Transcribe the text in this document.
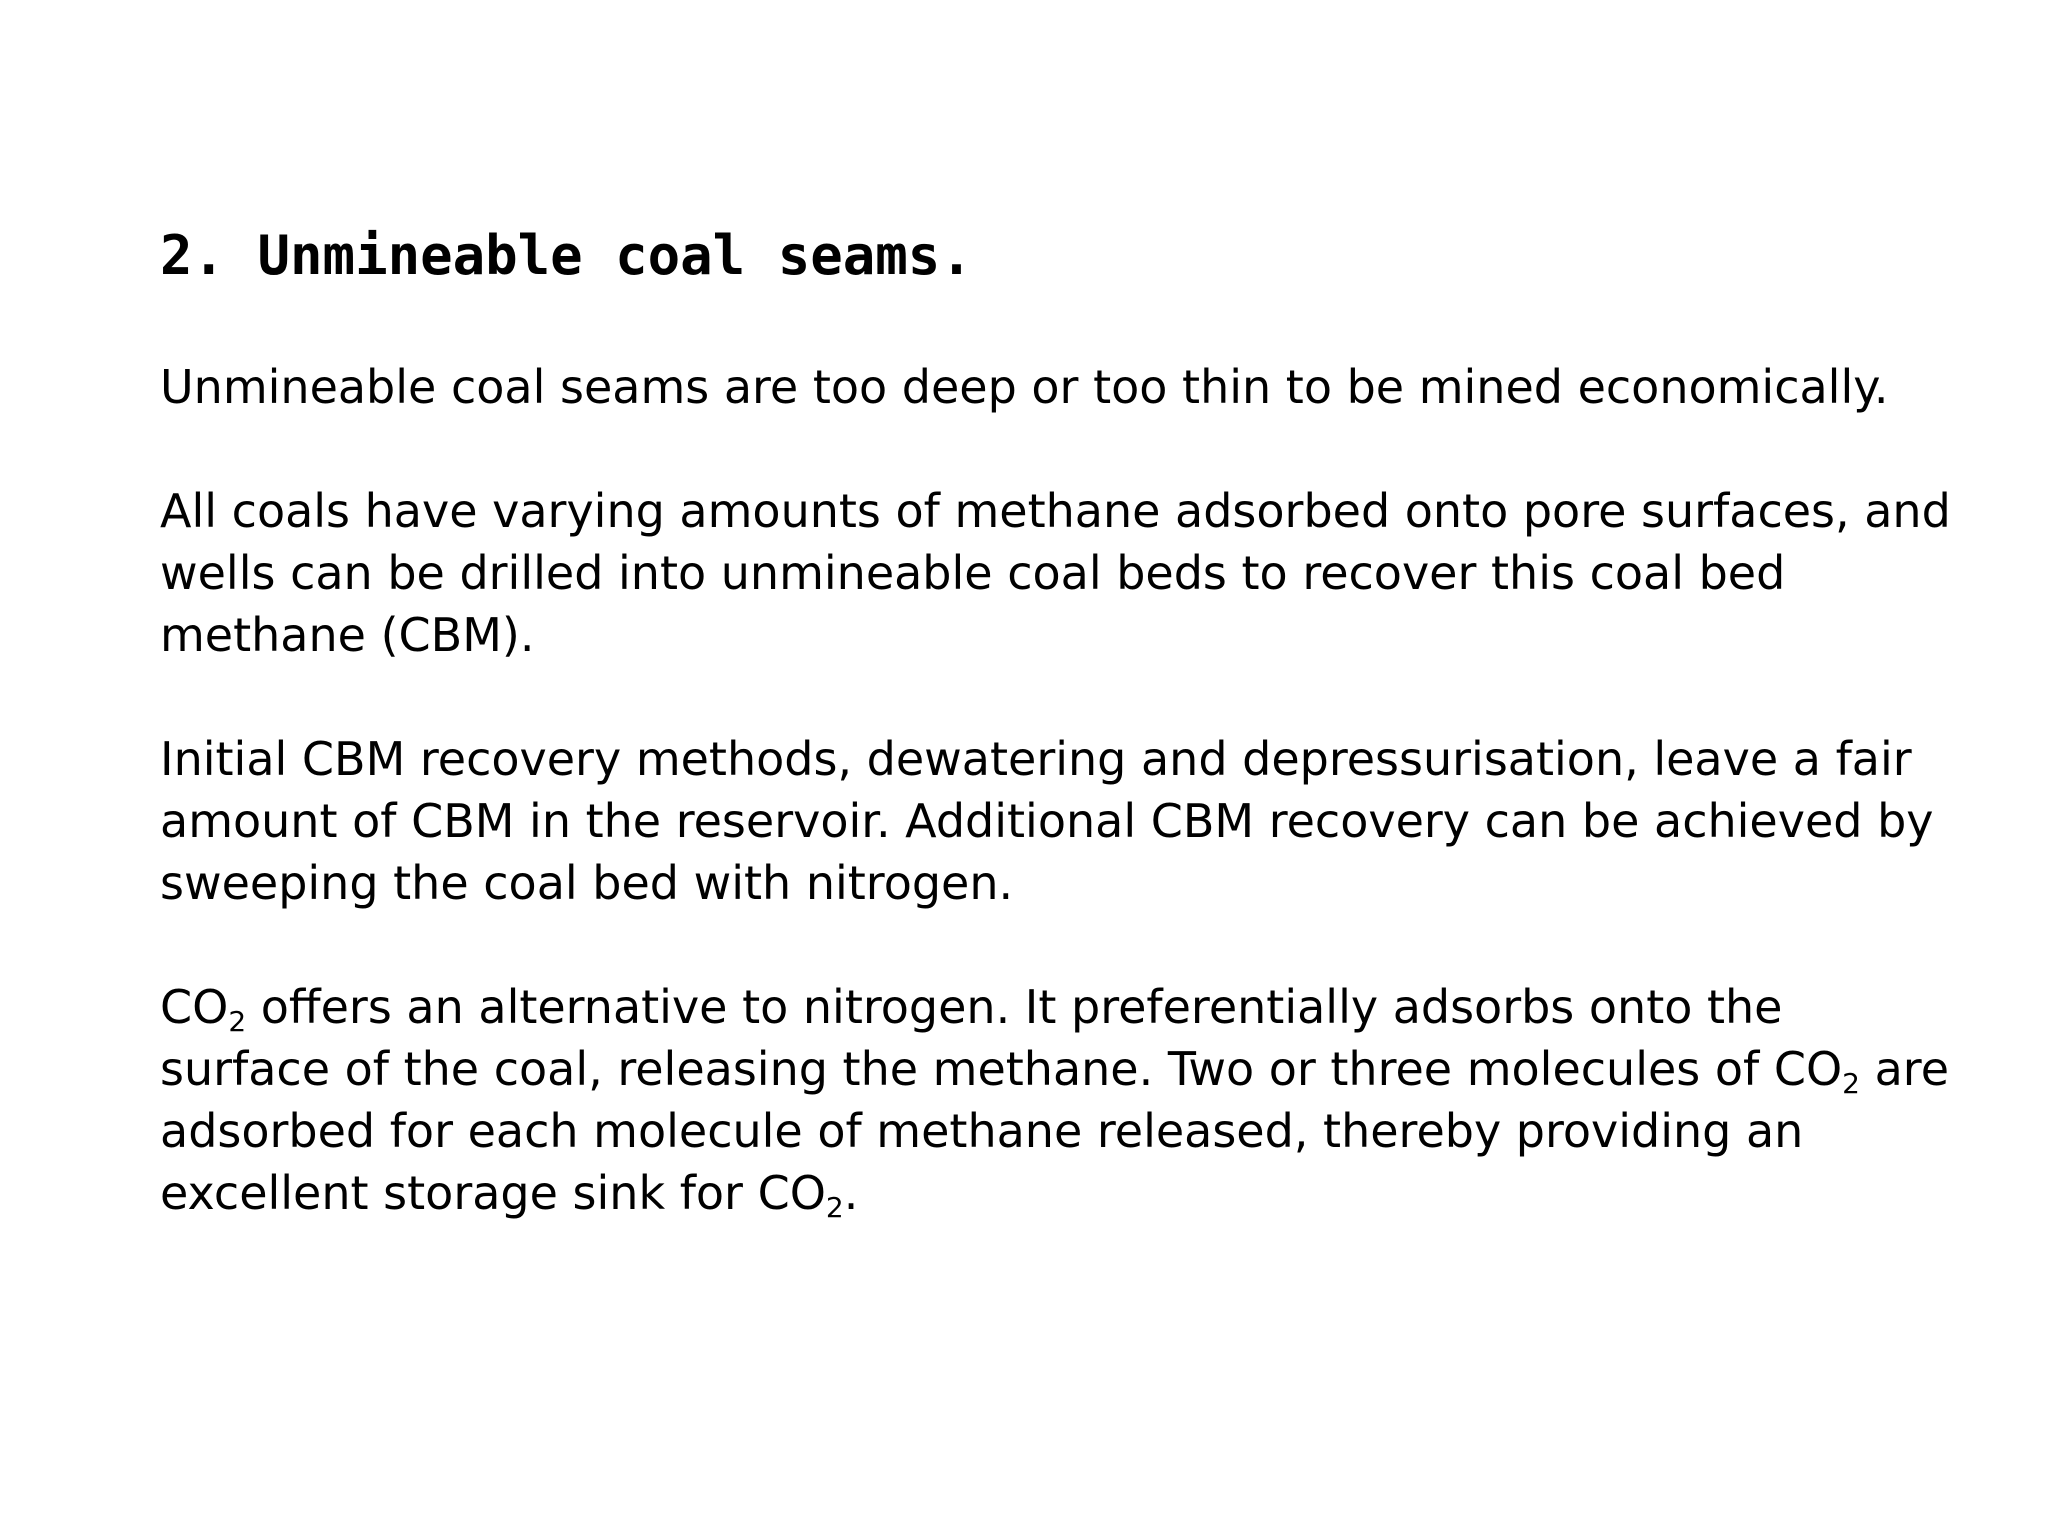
2. Unmineable coal seams.

Unmineable coal seams are too deep or too thin to be mined economically.

All coals have varying amounts of methane adsorbed onto pore surfaces, and wells can be drilled into unmineable coal beds to recover this coal bed methane (CBM).

Initial CBM recovery methods, dewatering and depressurisation, leave a fair amount of CBM in the reservoir. Additional CBM recovery can be achieved by sweeping the coal bed with nitrogen.

$CO_2$ offers an alternative to nitrogen. It preferentially adsorbs onto the surface of the coal, releasing the methane. Two or three molecules of $CO_2$ are adsorbed for each molecule of methane released, thereby providing an excellent storage sink for $CO_2$.
